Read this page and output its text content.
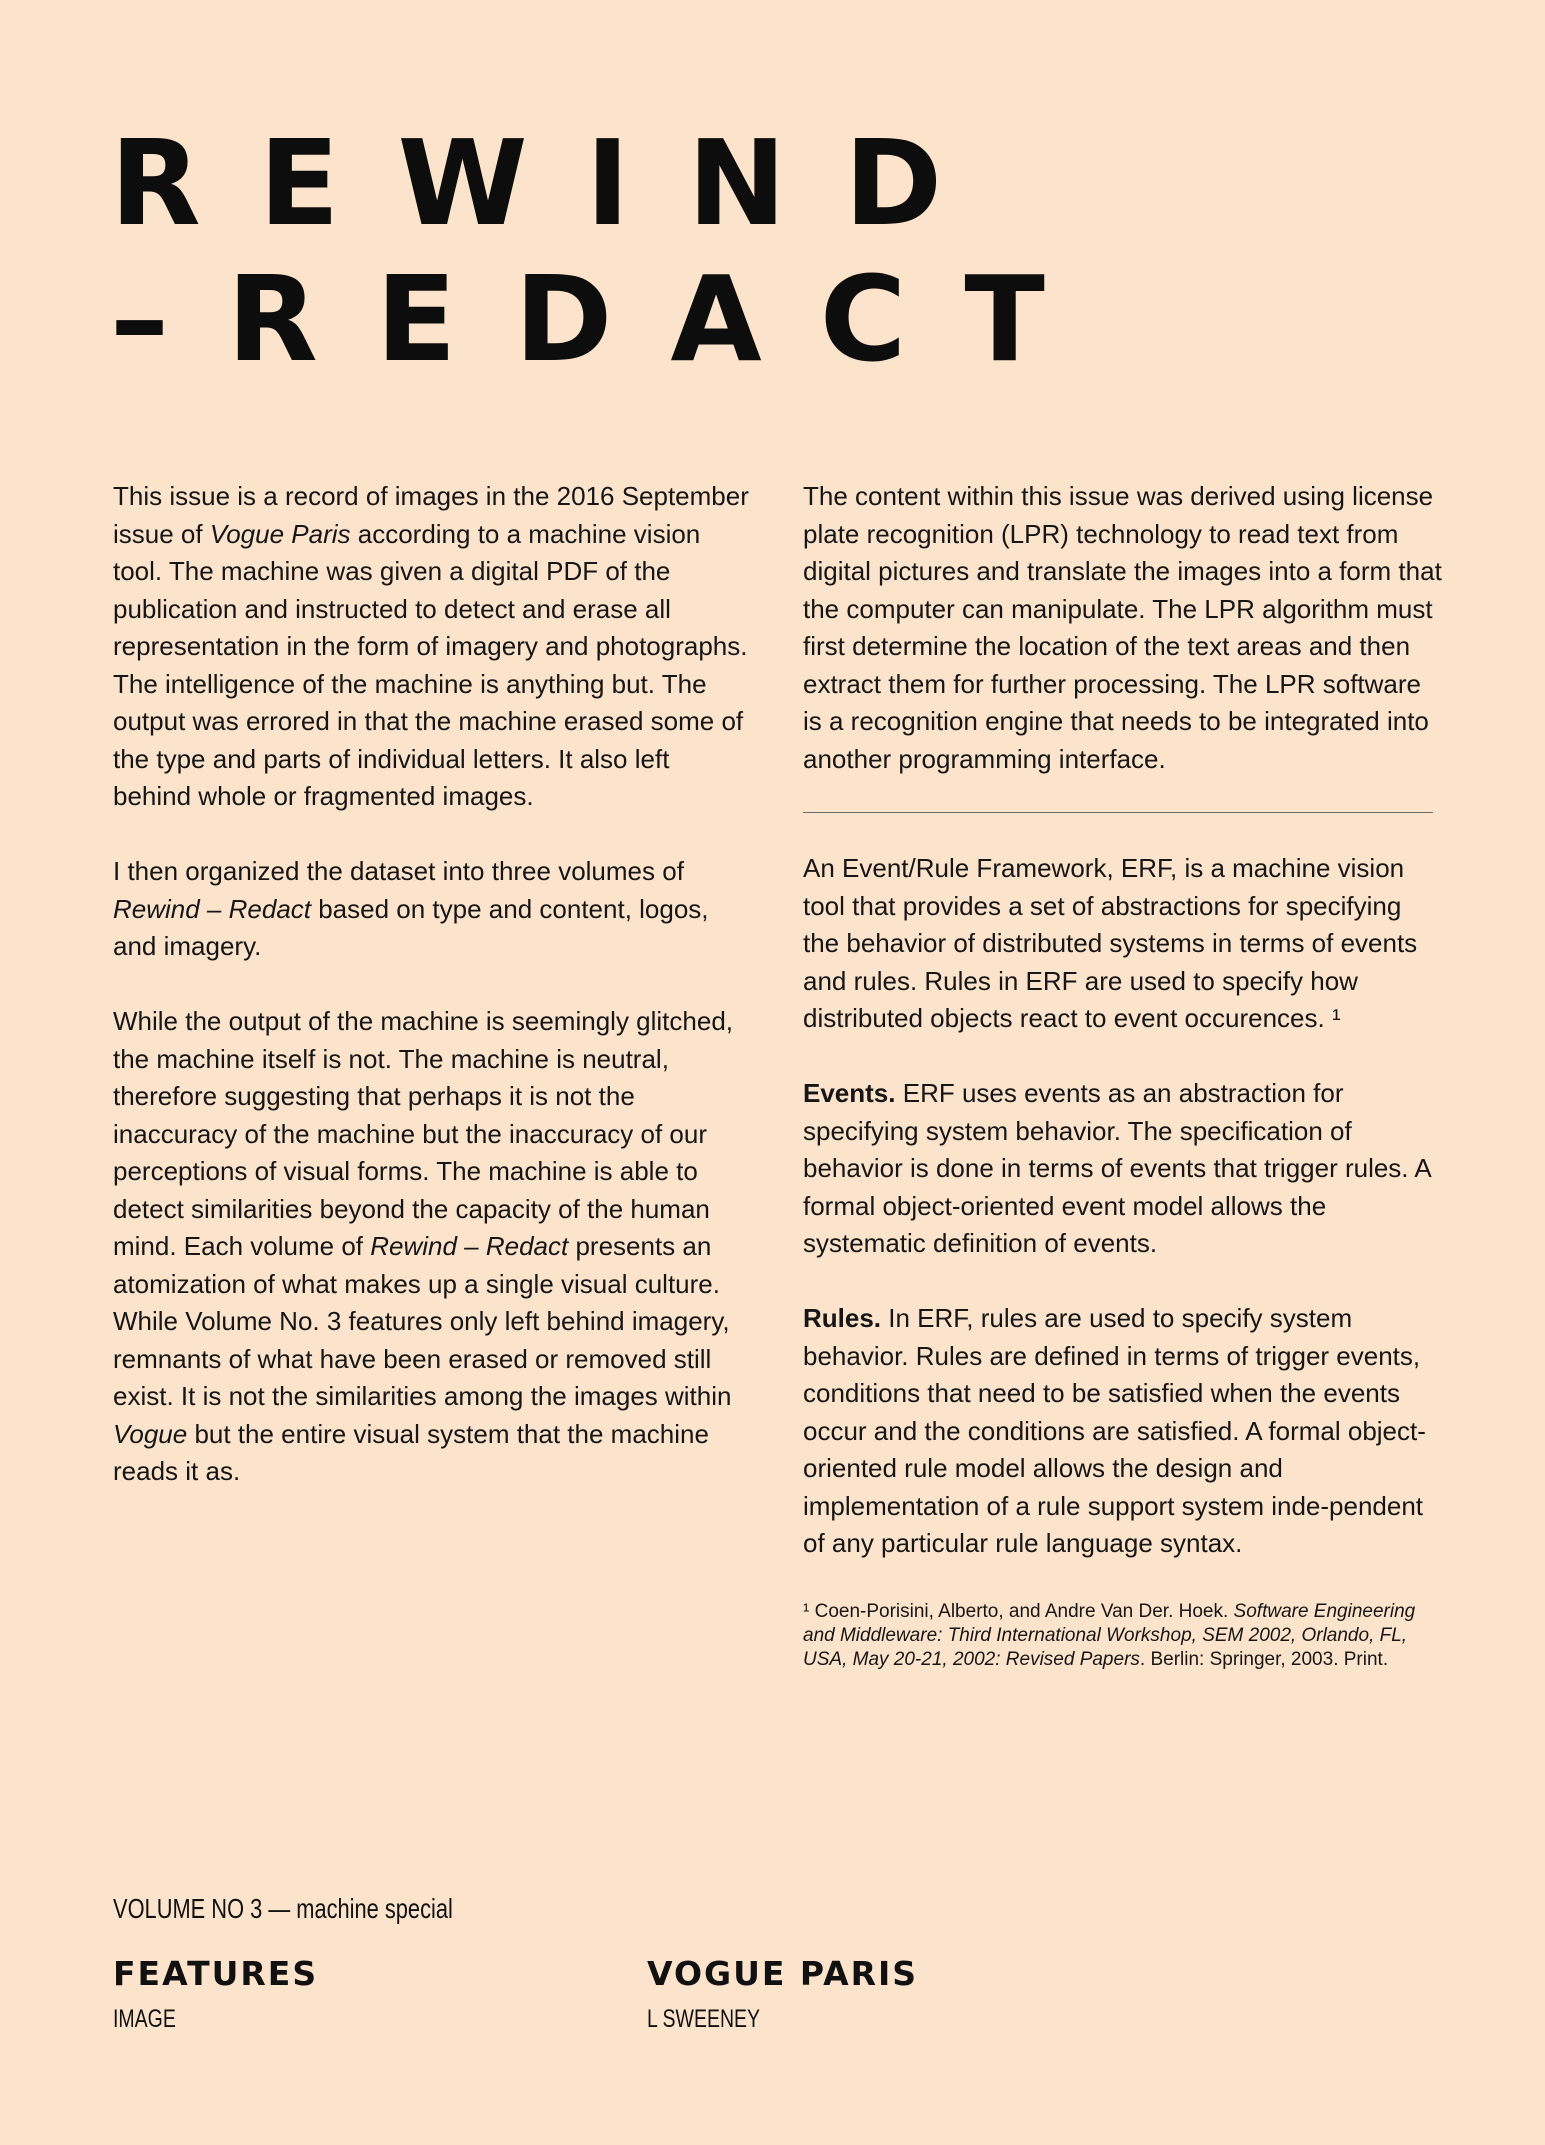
REWIND
–REDACT

This issue is a record of images in the 2016 September issue of Vogue Paris according to a machine vision tool. The machine was given a digital PDF of the publication and instructed to detect and erase all representation in the form of imagery and photographs. The intelligence of the machine is anything but. The output was errored in that the machine erased some of the type and parts of individual letters. It also left behind whole or fragmented images.

I then organized the dataset into three volumes of Rewind – Redact based on type and content, logos, and imagery.

While the output of the machine is seemingly glitched, the machine itself is not. The machine is neutral, therefore suggesting that perhaps it is not the inaccuracy of the machine but the inaccuracy of our perceptions of visual forms. The machine is able to detect similarities beyond the capacity of the human mind. Each volume of Rewind – Redact presents an atomization of what makes up a single visual culture. While Volume No. 3 features only left behind imagery, remnants of what have been erased or removed still exist. It is not the similarities among the images within Vogue but the entire visual system that the machine reads it as.

The content within this issue was derived using license plate recognition (LPR) technology to read text from digital pictures and translate the images into a form that the computer can manipulate. The LPR algorithm must first determine the location of the text areas and then extract them for further processing. The LPR software is a recognition engine that needs to be integrated into another programming interface.

An Event/Rule Framework, ERF, is a machine vision tool that provides a set of abstractions for specifying the behavior of distributed systems in terms of events and rules. Rules in ERF are used to specify how distributed objects react to event occurences. ¹

Events. ERF uses events as an abstraction for specifying system behavior. The specification of behavior is done in terms of events that trigger rules. A formal object-oriented event model allows the systematic definition of events.

Rules. In ERF, rules are used to specify system behavior. Rules are defined in terms of trigger events, conditions that need to be satisfied when the events occur and the conditions are satisfied. A formal object-oriented rule model allows the design and implementation of a rule support system inde-pendent of any particular rule language syntax.

¹ Coen-Porisini, Alberto, and Andre Van Der. Hoek. Software Engineering and Middleware: Third International Workshop, SEM 2002, Orlando, FL, USA, May 20-21, 2002: Revised Papers. Berlin: Springer, 2003. Print.

VOLUME NO 3 — machine special
FEATURES	VOGUE PARIS
IMAGE	L SWEENEY
